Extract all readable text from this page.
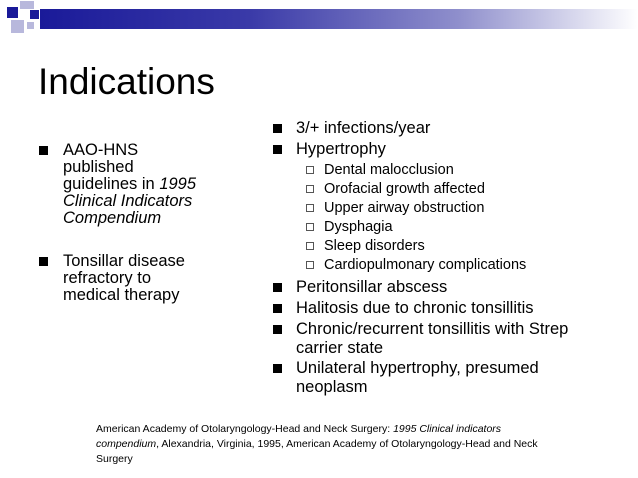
Indications
AAO-HNS
published
guidelines in 1995
Clinical Indicators
Compendium
Tonsillar disease
refractory to
medical therapy
3/+ infections/year
Hypertrophy
Dental malocclusion
Orofacial growth affected
Upper airway obstruction
Dysphagia
Sleep disorders
Cardiopulmonary complications
Peritonsillar abscess
Halitosis due to chronic tonsillitis
Chronic/recurrent tonsillitis with Strep
carrier state
Unilateral hypertrophy, presumed
neoplasm
American Academy of Otolaryngology-Head and Neck Surgery: 1995 Clinical indicators
compendium, Alexandria, Virginia, 1995, American Academy of Otolaryngology-Head and Neck
Surgery
